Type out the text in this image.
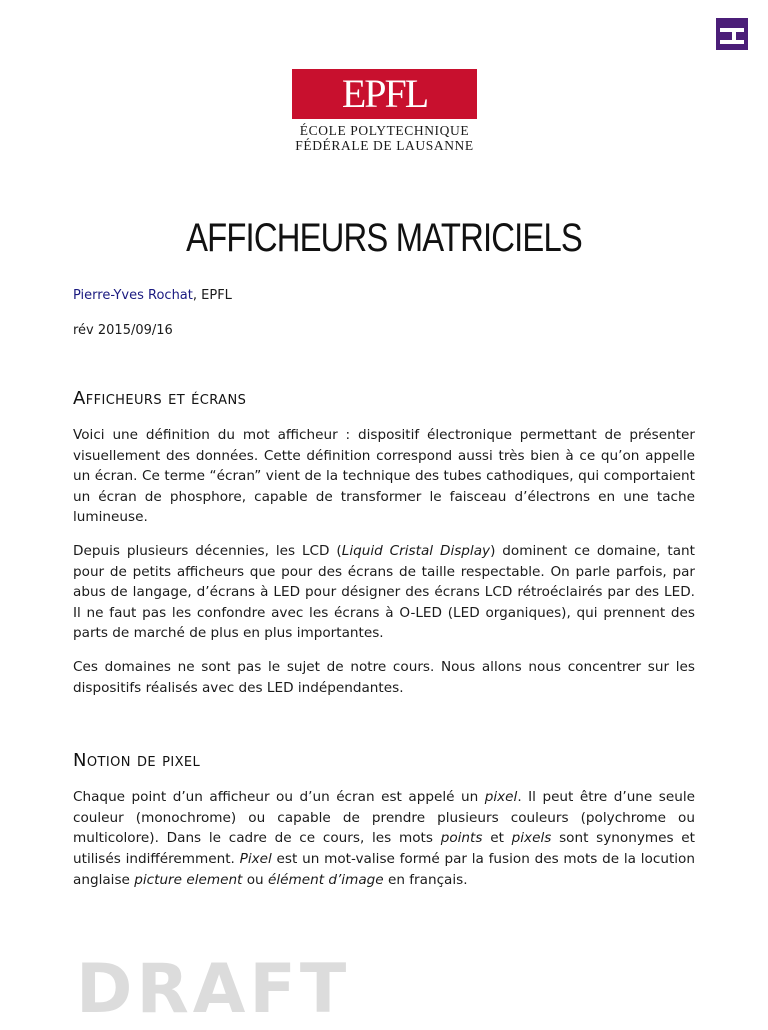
EPFL
ÉCOLE POLYTECHNIQUE
FÉDÉRALE DE LAUSANNE
AFFICHEURS MATRICIELS
Pierre-Yves Rochat, EPFL
rév 2015/09/16
Afficheurs et écrans

Voici une définition du mot afficheur : dispositif électronique permettant de présenter visuellement des données. Cette définition correspond aussi très bien à ce qu’on appelle un écran. Ce terme “écran” vient de la technique des tubes cathodiques, qui comportaient un écran de phosphore, capable de transformer le faisceau d’électrons en une tache lumineuse.

Depuis plusieurs décennies, les LCD (Liquid Cristal Display) dominent ce domaine, tant pour de petits afficheurs que pour des écrans de taille respectable. On parle parfois, par abus de langage, d’écrans à LED pour désigner des écrans LCD rétroéclairés par des LED. Il ne faut pas les confondre avec les écrans à O-LED (LED organiques), qui prennent des parts de marché de plus en plus importantes.

Ces domaines ne sont pas le sujet de notre cours. Nous allons nous concentrer sur les dispositifs réalisés avec des LED indépendantes.

Notion de pixel

Chaque point d’un afficheur ou d’un écran est appelé un pixel. Il peut être d’une seule couleur (monochrome) ou capable de prendre plusieurs couleurs (polychrome ou multicolore). Dans le cadre de ce cours, les mots points et pixels sont synonymes et utilisés indifféremment. Pixel est un mot-valise formé par la fusion des mots de la locution anglaise picture element ou élément d’image en français.

DRAFT
